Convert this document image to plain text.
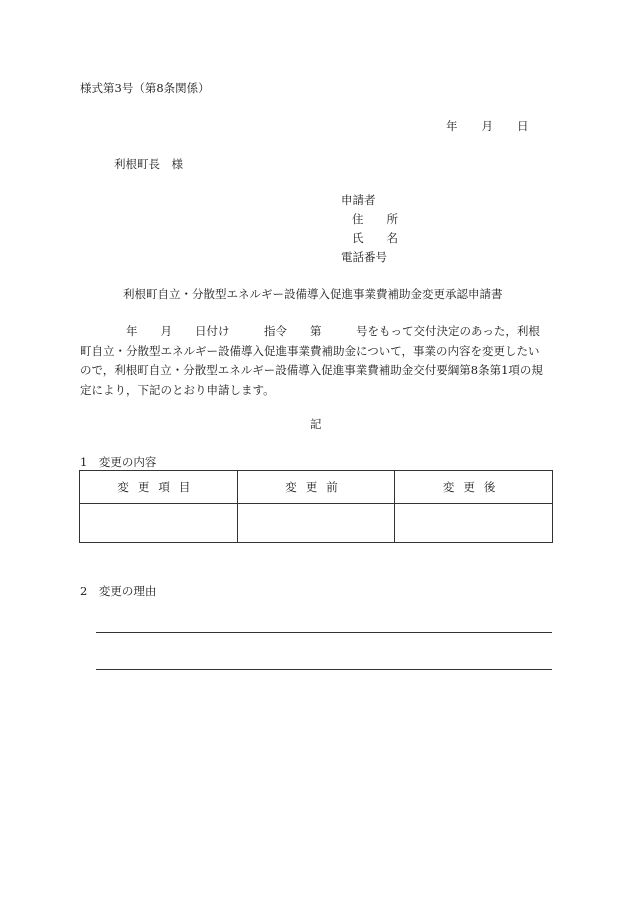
様式第3号（第8条関係）
年 月 日
利根町長　様
申請者
住　　所
氏　　名
電話番号
利根町自立・分散型エネルギー設備導入促進事業費補助金変更承認申請書
　　　　年　　月　　日付け　　　指令　　第　　　号をもって交付決定のあった，利根
町自立・分散型エネルギー設備導入促進事業費補助金について，事業の内容を変更したい
ので，利根町自立・分散型エネルギー設備導入促進事業費補助金交付要綱第8条第1項の規
定により，下記のとおり申請します。
記
1　変更の内容
変更項目	変更前	変更後

2　変更の理由
